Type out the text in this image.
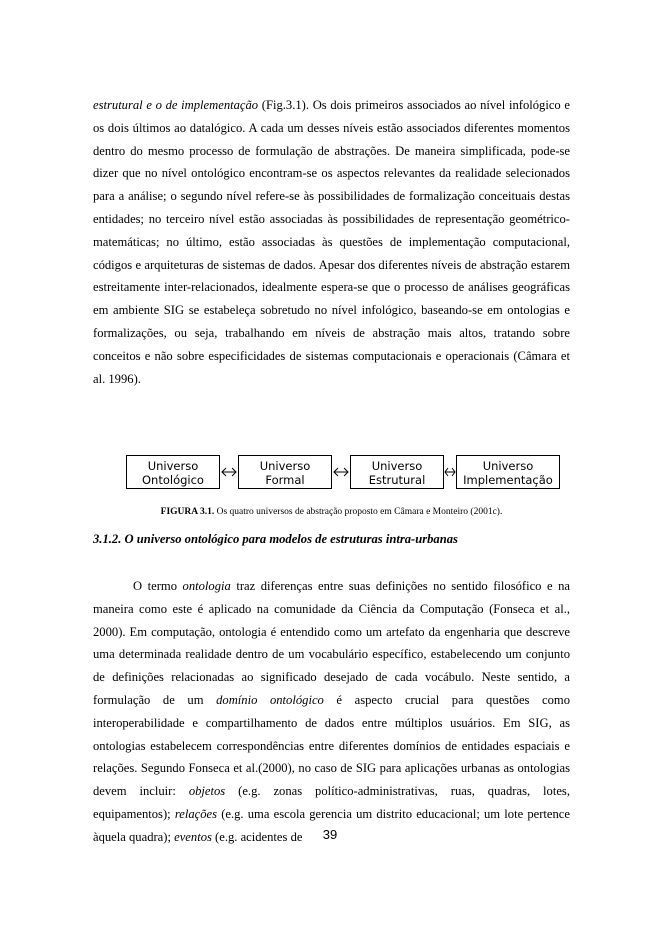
estrutural e o de implementação (Fig.3.1). Os dois primeiros associados ao nível infológico e os dois últimos ao datalógico. A cada um desses níveis estão associados diferentes momentos dentro do mesmo processo de formulação de abstrações. De maneira simplificada, pode-se dizer que no nível ontológico encontram-se os aspectos relevantes da realidade selecionados para a análise; o segundo nível refere-se às possibilidades de formalização conceituais destas entidades; no terceiro nível estão associadas às possibilidades de representação geométrico-matemáticas; no último, estão associadas às questões de implementação computacional, códigos e arquiteturas de sistemas de dados. Apesar dos diferentes níveis de abstração estarem estreitamente inter-relacionados, idealmente espera-se que o processo de análises geográficas em ambiente SIG se estabeleça sobretudo no nível infológico, baseando-se em ontologias e formalizações, ou seja, trabalhando em níveis de abstração mais altos, tratando sobre conceitos e não sobre especificidades de sistemas computacionais e operacionais (Câmara et al. 1996).

Universo
Ontológico
Universo
Formal
Universo
Estrutural
Universo
Implementação

FIGURA 3.1. Os quatro universos de abstração proposto em Câmara e Monteiro (2001c).

3.1.2. O universo ontológico para modelos de estruturas intra-urbanas

O termo ontologia traz diferenças entre suas definições no sentido filosófico e na maneira como este é aplicado na comunidade da Ciência da Computação (Fonseca et al., 2000). Em computação, ontologia é entendido como um artefato da engenharia que descreve uma determinada realidade dentro de um vocabulário específico, estabelecendo um conjunto de definições relacionadas ao significado desejado de cada vocábulo. Neste sentido, a formulação de um domínio ontológico é aspecto crucial para questões como interoperabilidade e compartilhamento de dados entre múltiplos usuários. Em SIG, as ontologias estabelecem correspondências entre diferentes domínios de entidades espaciais e relações. Segundo Fonseca et al.(2000), no caso de SIG para aplicações urbanas as ontologias devem incluir: objetos (e.g. zonas político-administrativas, ruas, quadras, lotes, equipamentos); relações (e.g. uma escola gerencia um distrito educacional; um lote pertence àquela quadra); eventos (e.g. acidentes de	39
